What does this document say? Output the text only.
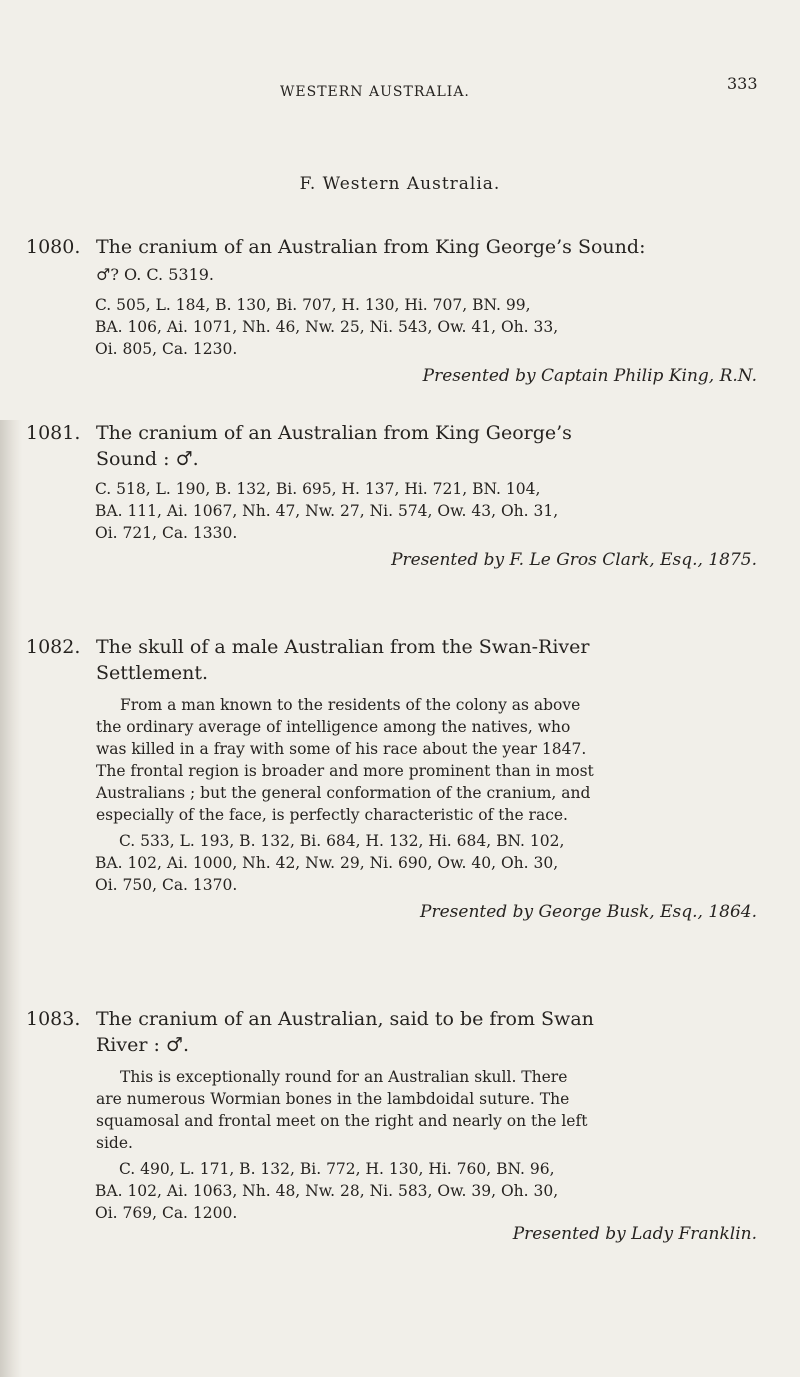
WESTERN AUSTRALIA.	333
F. Western Australia.
1080. The cranium of an Australian from King George’s Sound:
♂? O. C. 5319.
C. 505, L. 184, B. 130, Bi. 707, H. 130, Hi. 707, BN. 99,
BA. 106, Ai. 1071, Nh. 46, Nw. 25, Ni. 543, Ow. 41, Oh. 33,
Oi. 805, Ca. 1230.
Presented by Captain Philip King, R.N.
1081. The cranium of an Australian from King George’s
Sound : ♂.
C. 518, L. 190, B. 132, Bi. 695, H. 137, Hi. 721, BN. 104,
BA. 111, Ai. 1067, Nh. 47, Nw. 27, Ni. 574, Ow. 43, Oh. 31,
Oi. 721, Ca. 1330.
Presented by F. Le Gros Clark, Esq., 1875.
1082. The skull of a male Australian from the Swan-River
Settlement.
From a man known to the residents of the colony as above
the ordinary average of intelligence among the natives, who
was killed in a fray with some of his race about the year 1847.
The frontal region is broader and more prominent than in most
Australians ; but the general conformation of the cranium, and
especially of the face, is perfectly characteristic of the race.
C. 533, L. 193, B. 132, Bi. 684, H. 132, Hi. 684, BN. 102,
BA. 102, Ai. 1000, Nh. 42, Nw. 29, Ni. 690, Ow. 40, Oh. 30,
Oi. 750, Ca. 1370.
Presented by George Busk, Esq., 1864.
1083. The cranium of an Australian, said to be from Swan
River : ♂.
This is exceptionally round for an Australian skull. There
are numerous Wormian bones in the lambdoidal suture. The
squamosal and frontal meet on the right and nearly on the left
side.
C. 490, L. 171, B. 132, Bi. 772, H. 130, Hi. 760, BN. 96,
BA. 102, Ai. 1063, Nh. 48, Nw. 28, Ni. 583, Ow. 39, Oh. 30,
Oi. 769, Ca. 1200.
Presented by Lady Franklin.
